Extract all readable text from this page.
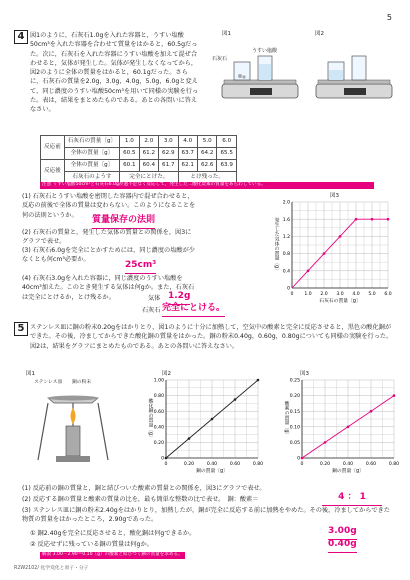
5
4 図1のように，石灰石1.0gを入れた容器と，うすい塩酸50cm³を入れた容器を合わせて質量をはかると，60.5gだった。次に，石灰石を入れた容器にうすい塩酸を加えて混ぜ合わせると，気体が発生した。気体が発生しなくなってから，図2のように全体の質量をはかると，60.1gだった。さらに，石灰石の質量を2.0g，3.0g，4.0g，5.0g，6.0gと変えて，同じ濃度のうすい塩酸50cm³を用いて同様の実験を行った。表は，結果をまとめたものである。あとの各問いに答えなさい。
図1	図2
石灰石
うすい塩酸
反応前	石灰石の質量〔g〕	1.0	2.0	3.0	4.0	5.0	6.0
	全体の質量〔g〕	60.5	61.2	62.9	63.7	64.2	65.5
反応後	全体の質量〔g〕	60.1	60.4	61.7	62.1	62.6	63.9
	石灰石のようす	完全にとけた。			とけ残った。		
注意 うすい塩酸50cm³と石灰石6.0gが過不足なく反応して，発生した二酸化炭素の質量をあらわしている。
(1) 石灰石とうすい塩酸を密閉した容器内で混ぜ合わせると，反応の前後で全体の質量は変わらない。このようになることを何の法則というか。	質量保存の法則
(2) 石灰石の質量と，発生した気体の質量との関係を，図3にグラフで表せ。
(3) 石灰石6.0gを完全にとかすためには，同じ濃度の塩酸が少なくとも何cm³必要か。
25cm³
(4) 石灰石3.0gを入れた容器に，同じ濃度のうすい塩酸を40cm³加えた。このとき発生する気体は何gか。また，石灰石は完全にとけるか，とけ残るか。	気体 1.2g
石灰石 完全にとける。
図3
0 1.0 2.0 3.0 4.0 5.0 6.0
0
0.4
0.8
1.2
1.6
2.0
石灰石の質量〔g〕
発生した気体の質量〔g〕
5 ステンレス皿に銅の粉末0.20gをはかりとり，図1のように十分に加熱して，空気中の酸素と完全に反応させると，黒色の酸化銅ができた。その後，冷ましてからできた酸化銅の質量をはかった。銅の粉末0.40g，0.60g，0.80gについても同様の実験を行った。図2は，結果をグラフにまとめたものである。あとの各問いに答えなさい。
図1
ステンレス皿 銅の粉末
図2
0	0.20	0.40	0.60	0.80
0
0.20
0.40
0.60
0.80
1.00
銅の質量〔g〕
酸化銅の質量〔g〕
図3
0	0.20	0.40	0.60	0.80
0
0.05
0.10
0.15
0.20
0.25
銅の質量〔g〕
酸素の質量〔g〕
(1) 反応前の銅の質量と，銅と結びついた酸素の質量との関係を，図3にグラフで表せ。
(2) 反応する銅の質量と酸素の質量の比を，最も簡単な整数の比で表せ。　銅：酸素＝	4 ： 1
(3) ステンレス皿に銅の粉末2.40gをはかりとり，加熱したが，銅が完全に反応する前に加熱をやめた。その後，冷ましてからできた物質の質量をはかったところ，2.90gであった。
① 銅2.40gを完全に反応させると，酸化銅は何gできるか。	3.00g
② 反応せずに残っている銅の質量は何gか。	0.40g
解説 3.00－2.90＝0.10（g）の酸素と結びつく銅の質量を求める。
R2W2102/ 化学変化と原子・分子
